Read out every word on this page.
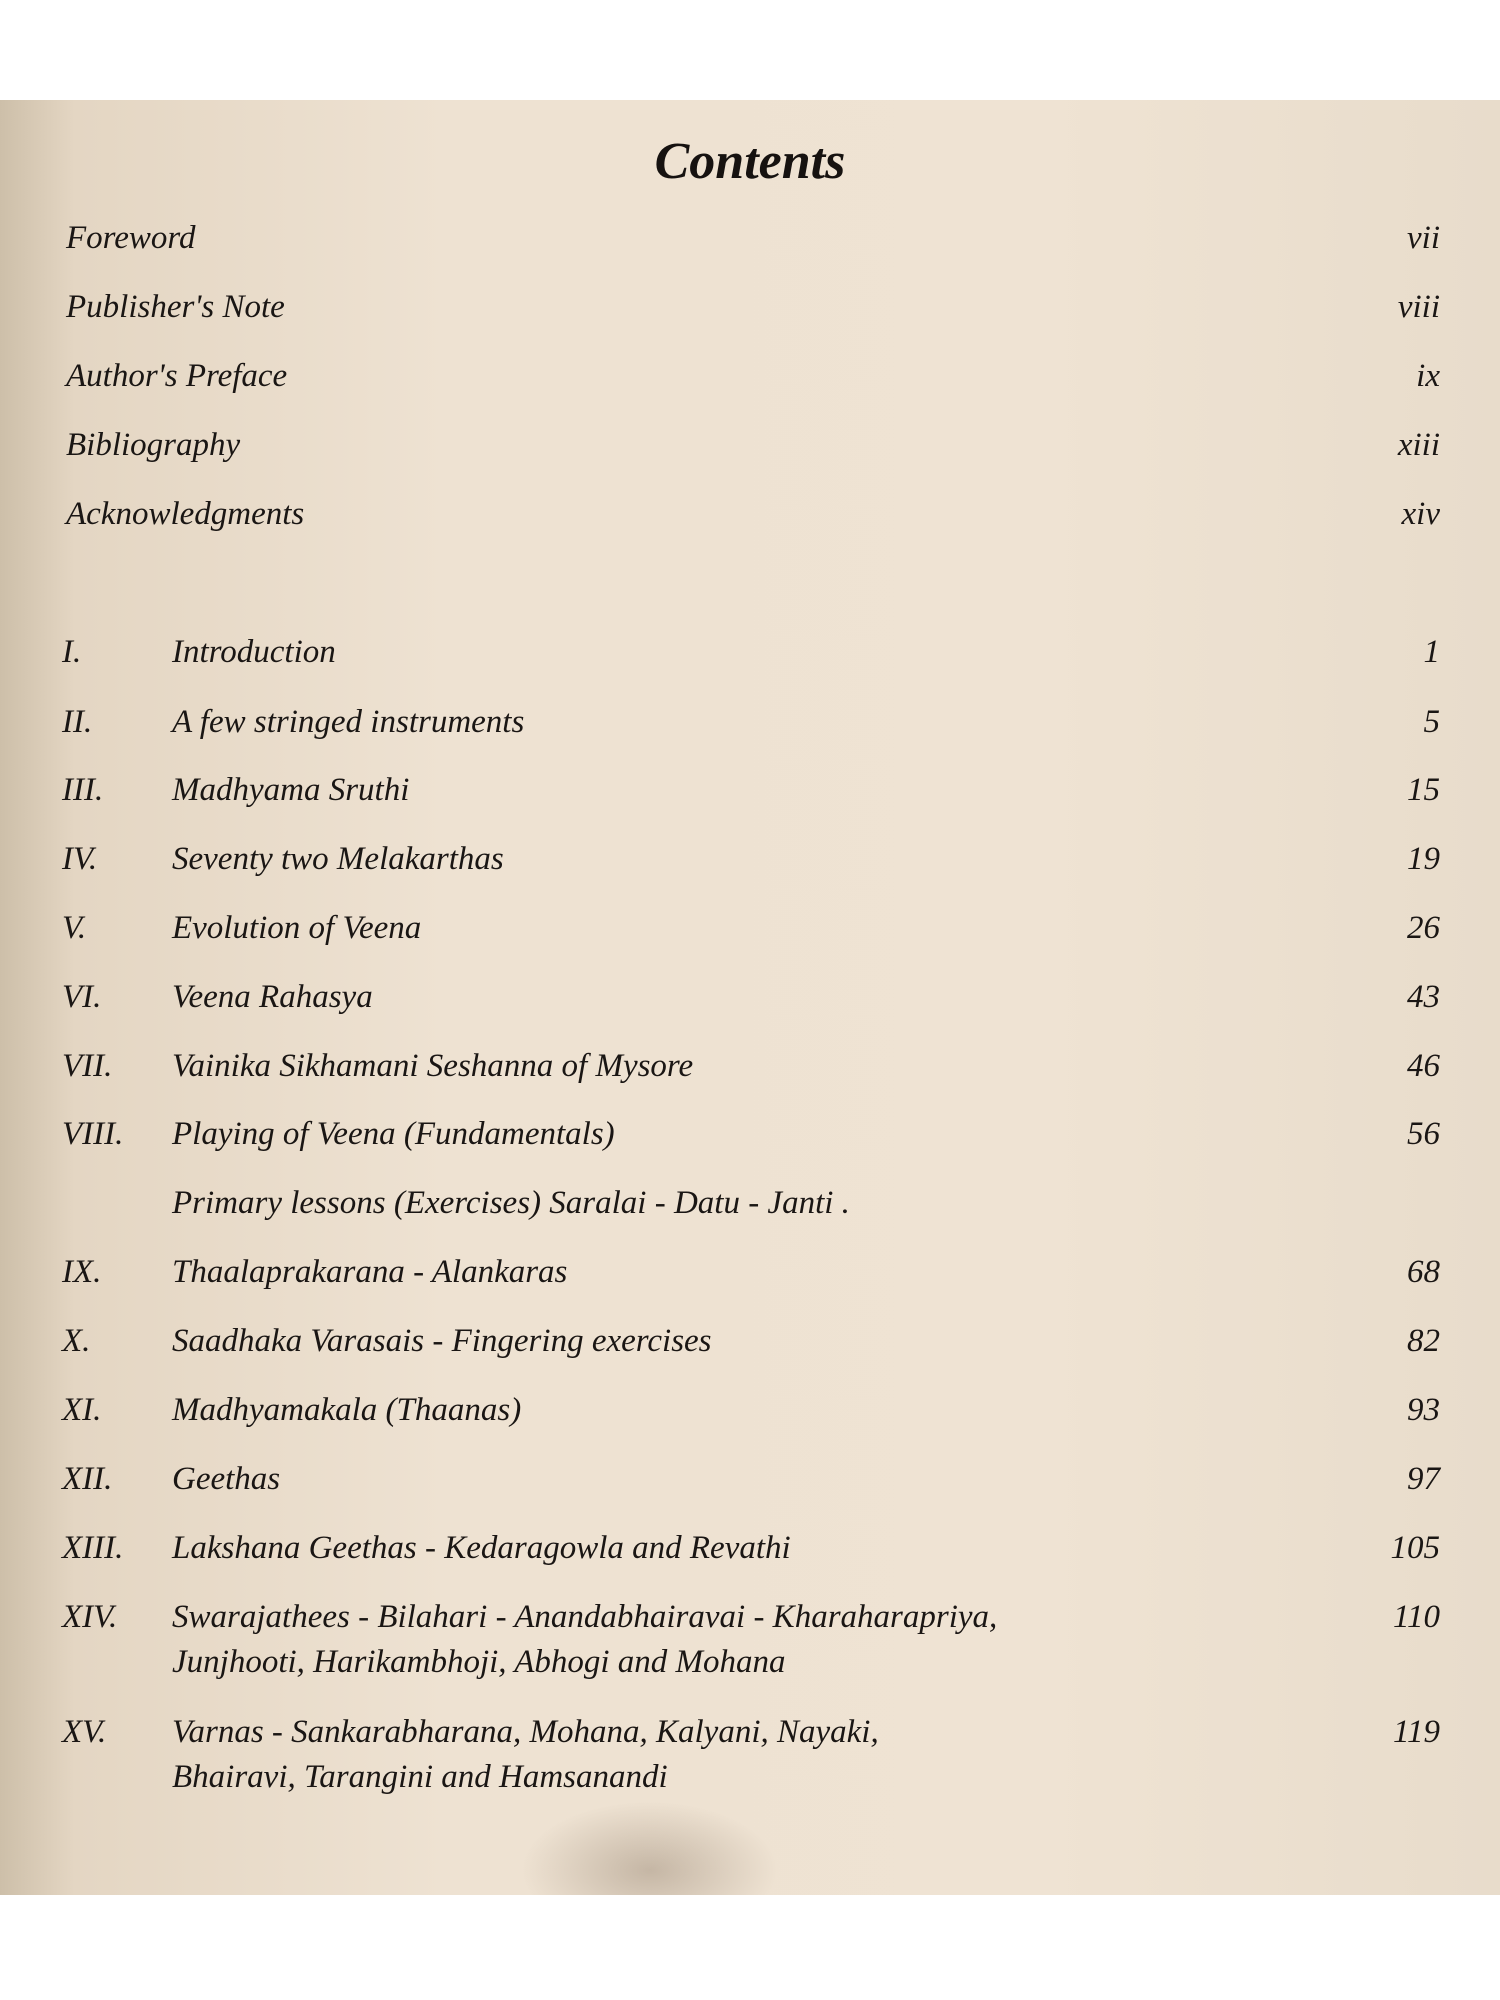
Contents
Foreword	vii
Publisher's Note	viii
Author's Preface	ix
Bibliography	xiii
Acknowledgments	xiv
I.	Introduction	1
II. A few stringed instruments	5
III. Madhyama Sruthi	15
IV. Seventy two Melakarthas	19
V.	Evolution of Veena	26
VI. Veena Rahasya	43
VII. Vainika Sikhamani Seshanna of Mysore	46
VIII. Playing of Veena (Fundamentals)	56
Primary lessons (Exercises) Saralai - Datu - Janti .
IX. Thaalaprakarana - Alankaras	68
X. Saadhaka Varasais - Fingering exercises	82
XI. Madhyamakala (Thaanas)	93
XII. Geethas	97
XIII. Lakshana Geethas - Kedaragowla and Revathi	105
XIV. Swarajathees - Bilahari - Anandabhairavai - Kharaharapriya,	110
Junjhooti, Harikambhoji, Abhogi and Mohana
XV. Varnas - Sankarabharana, Mohana, Kalyani, Nayaki,	119
Bhairavi, Tarangini and Hamsanandi
